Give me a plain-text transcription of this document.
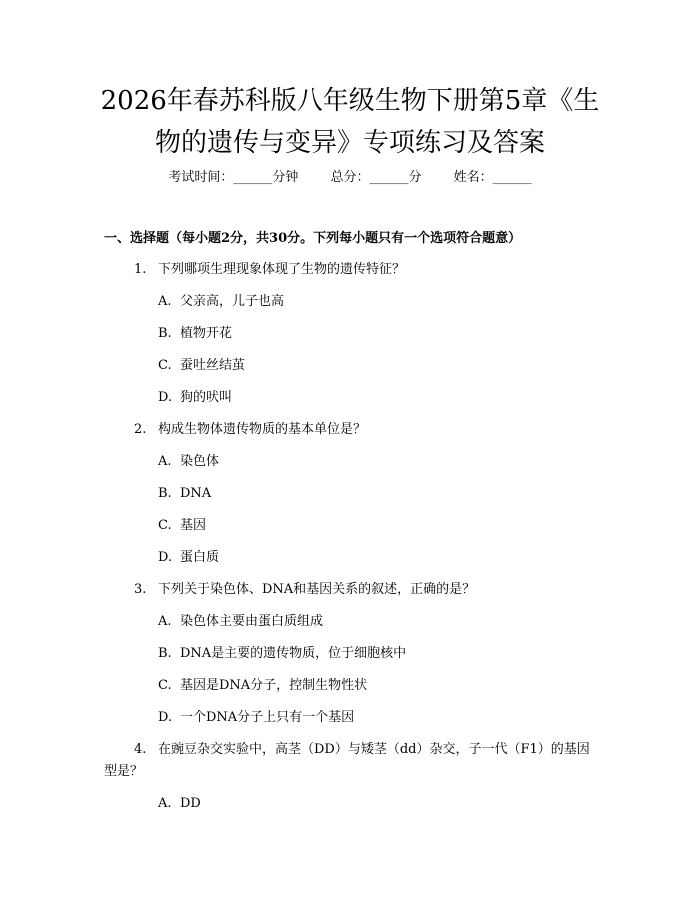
2026年春苏科版八年级生物下册第5章《生
物的遗传与变异》专项练习及答案
考试时间：______分钟 总分：______分 姓名：______
一、选择题（每小题2分，共30分。下列每小题只有一个选项符合题意）
1. 下列哪项生理现象体现了生物的遗传特征？
A. 父亲高，儿子也高
B. 植物开花
C. 蚕吐丝结茧
D. 狗的吠叫
2. 构成生物体遗传物质的基本单位是？
A. 染色体
B. DNA
C. 基因
D. 蛋白质
3. 下列关于染色体、DNA和基因关系的叙述，正确的是？
A. 染色体主要由蛋白质组成
B. DNA是主要的遗传物质，位于细胞核中
C. 基因是DNA分子，控制生物性状
D. 一个DNA分子上只有一个基因
4. 在豌豆杂交实验中，高茎（DD）与矮茎（dd）杂交，子一代（F1）的基因
型是？
A. DD
